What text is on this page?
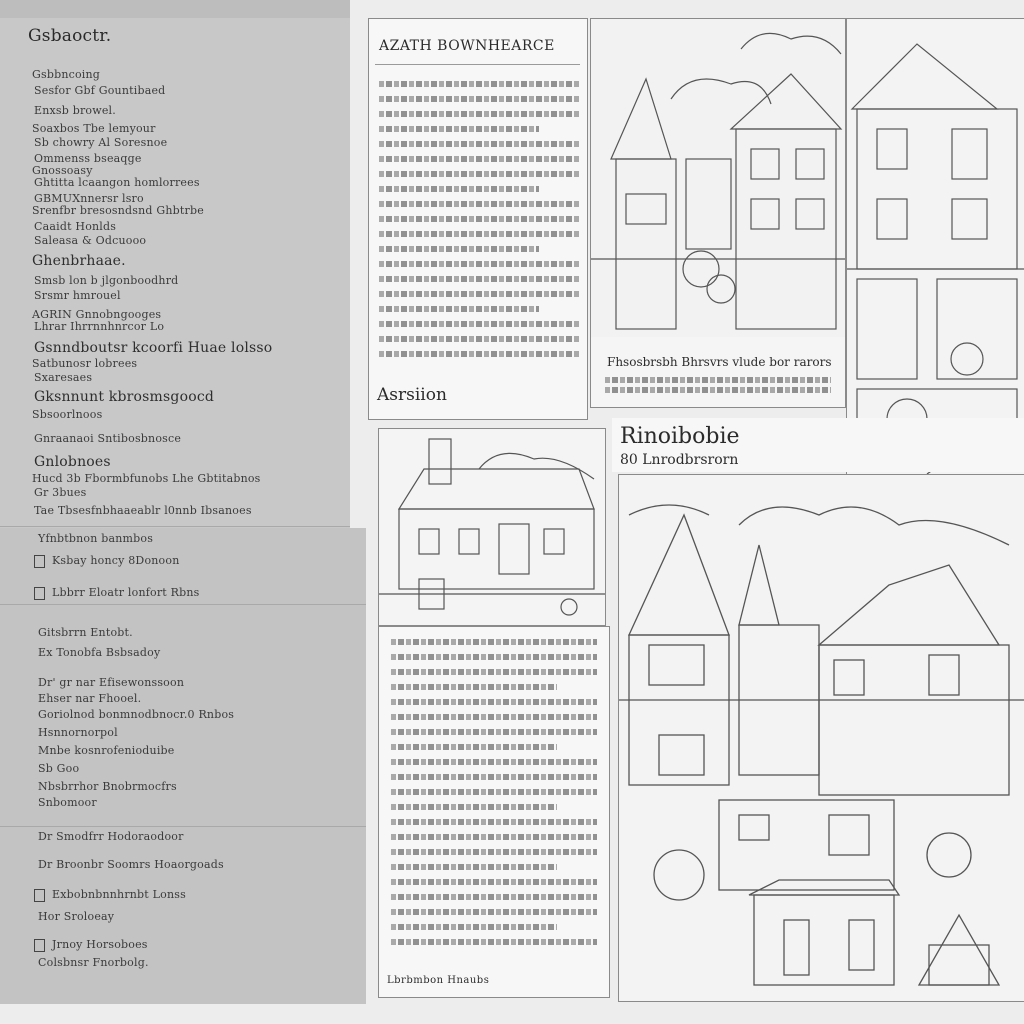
Gsbaoctr.
Gsbbncoing
Sesfor Gbf Gountibaed
Enxsb browel.
Soaxbos Tbe lemyour
Sb chowry Al Soresnoe
Ommenss bseaqge
Gnossoasy
Ghtitta lcaangon homlorrees
GBMUXnnersr lsro
Srenfbr bresosndsnd Ghbtrbe
Caaidt Honlds
Saleasa & Odcuooo
Ghenbrhaae.
Smsb lon b jlgonboodhrd
Srsmr hmrouel
AGRIN Gnnobngooges
Lhrar Ihrrnnhnrcor Lo
Gsnndboutsr kcoorfi Huae lolsso
Satbunosr lobrees
Sxaresaes
Gksnnunt kbrosmsgoocd
Sbsoorlnoos
Gnraanaoi Sntibosbnosce
Gnlobnoes
Hucd 3b Fbormbfunobs Lhe Gbtitabnos
Gr 3bues
Tae Tbsesfnbhaaeablr l0nnb Ibsanoes
Yfnbtbnon banmbos
Ksbay honcy 8Donoon
Lbbrr Eloatr lonfort Rbns
Gitsbrrn Entobt.
Ex Tonobfa Bsbsadoy
Dr' gr nar Efisewonssoon
Ehser nar Fhooel.
Goriolnod bonmnodbnocr.0 Rnbos
Hsnnornorpol
Mnbe kosnrofenioduibe
Sb Goo
Nbsbrrhor Bnobrmocfrs
Snbomoor
Dr Smodfrr Hodoraodoor
Dr Broonbr Soomrs Hoaorgoads
Exbobnbnnhrnbt Lonss
Hor Sroloeay
Jrnoy Horsoboes
Colsbnsr Fnorbolg.
AZATH BOWNHEARCE
Asrsiion
Fhsosbrsbh Bhrsvrs vlude bor rarors
Rinoibobie
80 Lnrodbrsrorn
Lbrbmbon Hnaubs
